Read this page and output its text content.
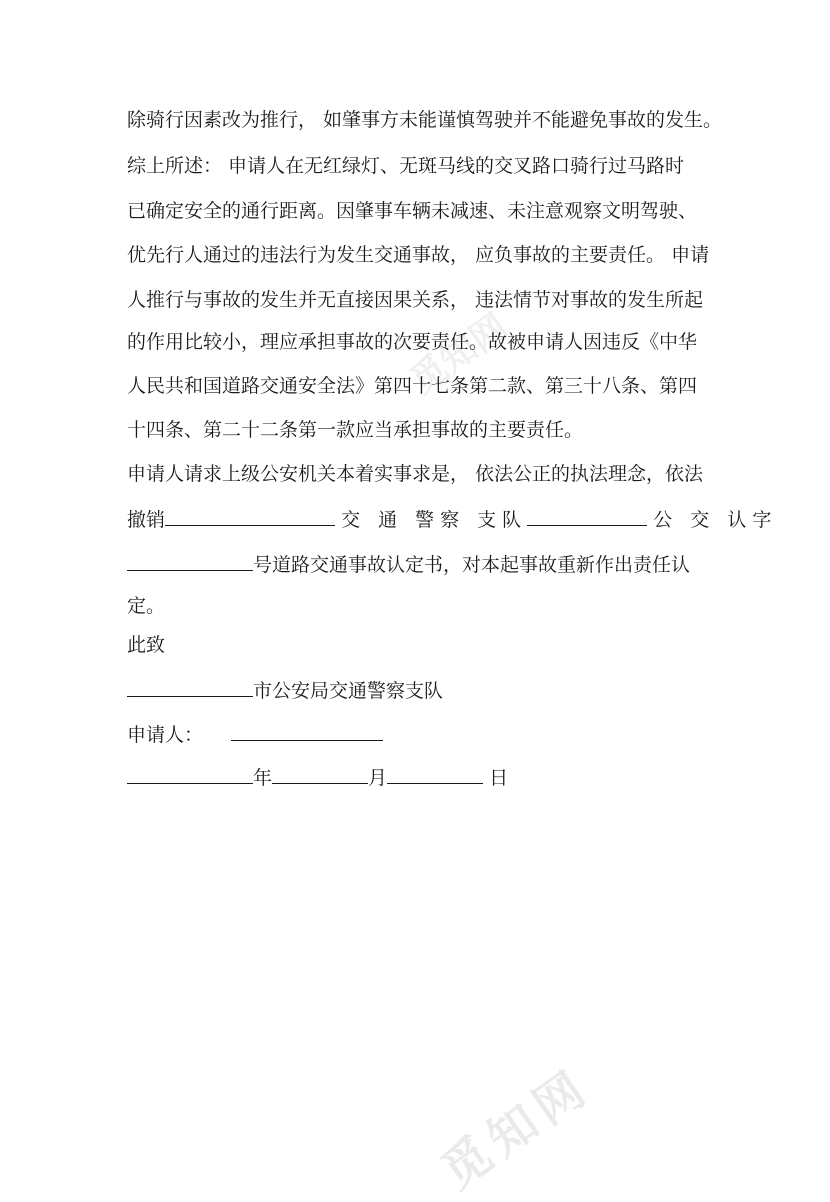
除骑行因素改为推行， 如肇事方未能谨慎驾驶并不能避免事故的发生。
综上所述： 申请人在无红绿灯、无斑马线的交叉路口骑行过马路时
已确定安全的通行距离。因肇事车辆未减速、未注意观察文明驾驶、
优先行人通过的违法行为发生交通事故， 应负事故的主要责任。 申请
人推行与事故的发生并无直接因果关系， 违法情节对事故的发生所起
的作用比较小，理应承担事故的次要责任。故被申请人因违反《中华
人民共和国道路交通安全法》第四十七条第二款、第三十八条、第四
十四条、第二十二条第一款应当承担事故的主要责任。
申请人请求上级公安机关本着实事求是， 依法公正的执法理念，依法
撤销	交 通 警察 支队	公 交 认字
号道路交通事故认定书，对本起事故重新作出责任认
定。
此致
市公安局交通警察支队
申请人：
年	月	日
觅知网
觅知网
